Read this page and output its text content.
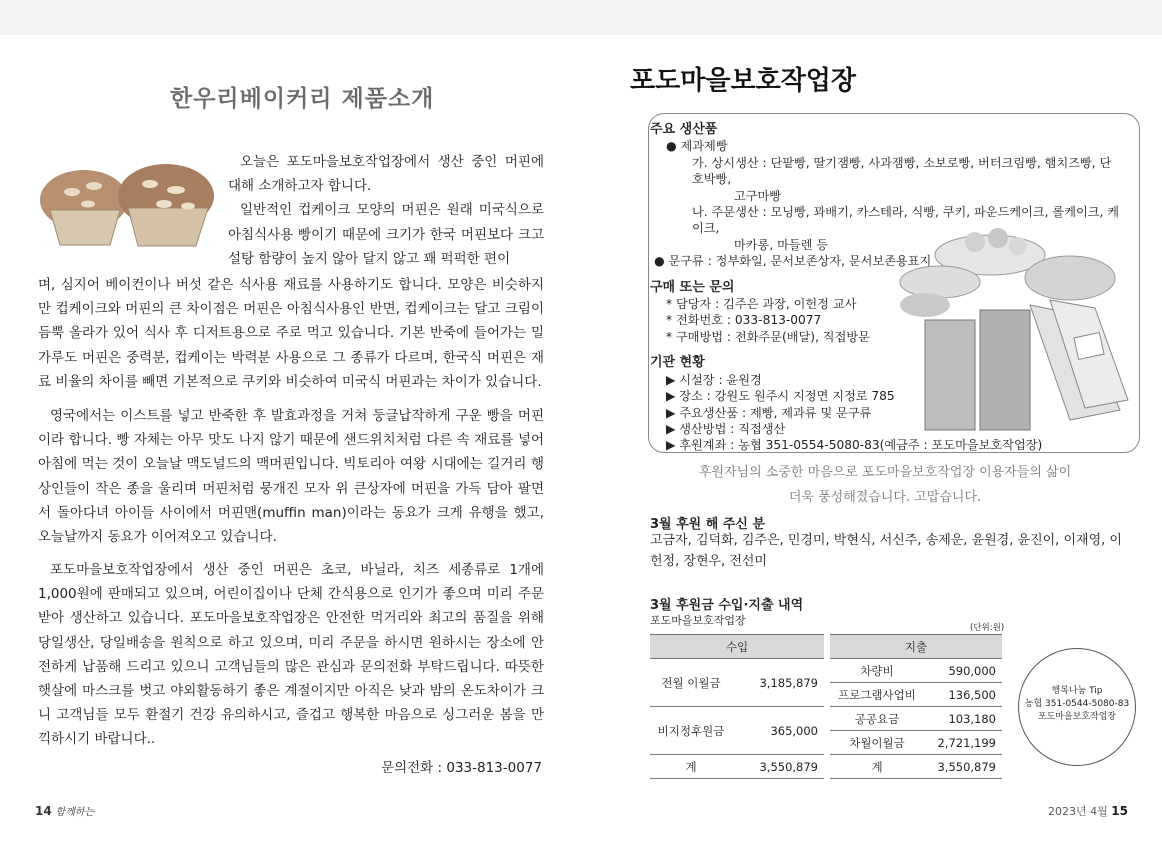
한우리베이커리 제품소개
오늘은 포도마을보호작업장에서 생산 중인 머핀에 대해 소개하고자 합니다.
일반적인 컵케이크 모양의 머핀은 원래 미국식으로 아침식사용 빵이기 때문에 크기가 한국 머핀보다 크고 설탕 함량이 높지 않아 달지 않고 꽤 퍽퍽한 편이
며, 심지어 베이컨이나 버섯 같은 식사용 재료를 사용하기도 합니다. 모양은 비슷하지만 컵케이크와 머핀의 큰 차이점은 머핀은 아침식사용인 반면, 컵케이크는 달고 크림이 듬뿍 올라가 있어 식사 후 디저트용으로 주로 먹고 있습니다. 기본 반죽에 들어가는 밀가루도 머핀은 중력분, 컵케이는 박력분 사용으로 그 종류가 다르며, 한국식 머핀은 재료 비율의 차이를 빼면 기본적으로 쿠키와 비슷하여 미국식 머핀과는 차이가 있습니다.
영국에서는 이스트를 넣고 반죽한 후 발효과정을 거쳐 둥글납작하게 구운 빵을 머핀이라 합니다. 빵 자체는 아무 맛도 나지 않기 때문에 샌드위치처럼 다른 속 재료를 넣어 아침에 먹는 것이 오늘날 맥도널드의 맥머핀입니다. 빅토리아 여왕 시대에는 길거리 행상인들이 작은 종을 울리며 머핀처럼 뭉개진 모자 위 큰상자에 머핀을 가득 담아 팔면서 돌아다녀 아이들 사이에서 머핀맨(muffin man)이라는 동요가 크게 유행을 했고, 오늘날까지 동요가 이어져오고 있습니다.
포도마을보호작업장에서 생산 중인 머핀은 초코, 바닐라, 치즈 세종류로 1개에 1,000원에 판매되고 있으며, 어린이집이나 단체 간식용으로 인기가 좋으며 미리 주문받아 생산하고 있습니다. 포도마을보호작업장은 안전한 먹거리와 최고의 품질을 위해 당일생산, 당일배송을 원칙으로 하고 있으며, 미리 주문을 하시면 원하시는 장소에 안전하게 납품해 드리고 있으니 고객님들의 많은 관심과 문의전화 부탁드립니다. 따뜻한 햇살에 마스크를 벗고 야외활동하기 좋은 계절이지만 아직은 낮과 밤의 온도차이가 크니 고객님들 모두 환절기 건강 유의하시고, 즐겁고 행복한 마음으로 싱그러운 봄을 만끽하시기 바랍니다..
문의전화 : 033-813-0077
14 함께하는
포도마을보호작업장
주요 생산품
● 제과제빵
가. 상시생산 : 단팥빵, 딸기잼빵, 사과잼빵, 소보로빵, 버터크림빵, 햄치즈빵, 단호박빵,
고구마빵
나. 주문생산 : 모닝빵, 꽈배기, 카스테라, 식빵, 쿠키, 파운드케이크, 롤케이크, 케이크,
마카롱, 마들렌 등
● 문구류 : 정부화일, 문서보존상자, 문서보존용표지
구매 또는 문의
* 담당자 : 김주은 과장, 이헌정 교사
* 전화번호 : 033-813-0077
* 구매방법 : 전화주문(배달), 직접방문
기관 현황
▶ 시설장 : 윤원경
▶ 장소 : 강원도 원주시 지정면 지정로 785
▶ 주요생산품 : 제빵, 제과류 및 문구류
▶ 생산방법 : 직접생산
▶ 후원계좌 : 농협 351-0554-5080-83(예금주 : 포도마을보호작업장)
후원자님의 소중한 마음으로 포도마을보호작업장 이용자들의 삶이
더욱 풍성해졌습니다. 고맙습니다.
3월 후원 해 주신 분
고금자, 김덕화, 김주은, 민경미, 박현식, 서신주, 송제운, 윤원경, 윤진이, 이재영, 이헌정, 장현우, 전선미
3월 후원금 수입·지출 내역
포도마을보호작업장
(단위:원)
수입			지출	
전월 이월금	3,185,879		차량비	590,000
			프로그램사업비	136,500
비지정후원금	365,000		공공요금	103,180
			차월이월금	2,721,199
계	3,550,879		계	3,550,879
행복나눔 Tip
농협 351-0544-5080-83
포도마을보호작업장
2023년 4월 15
